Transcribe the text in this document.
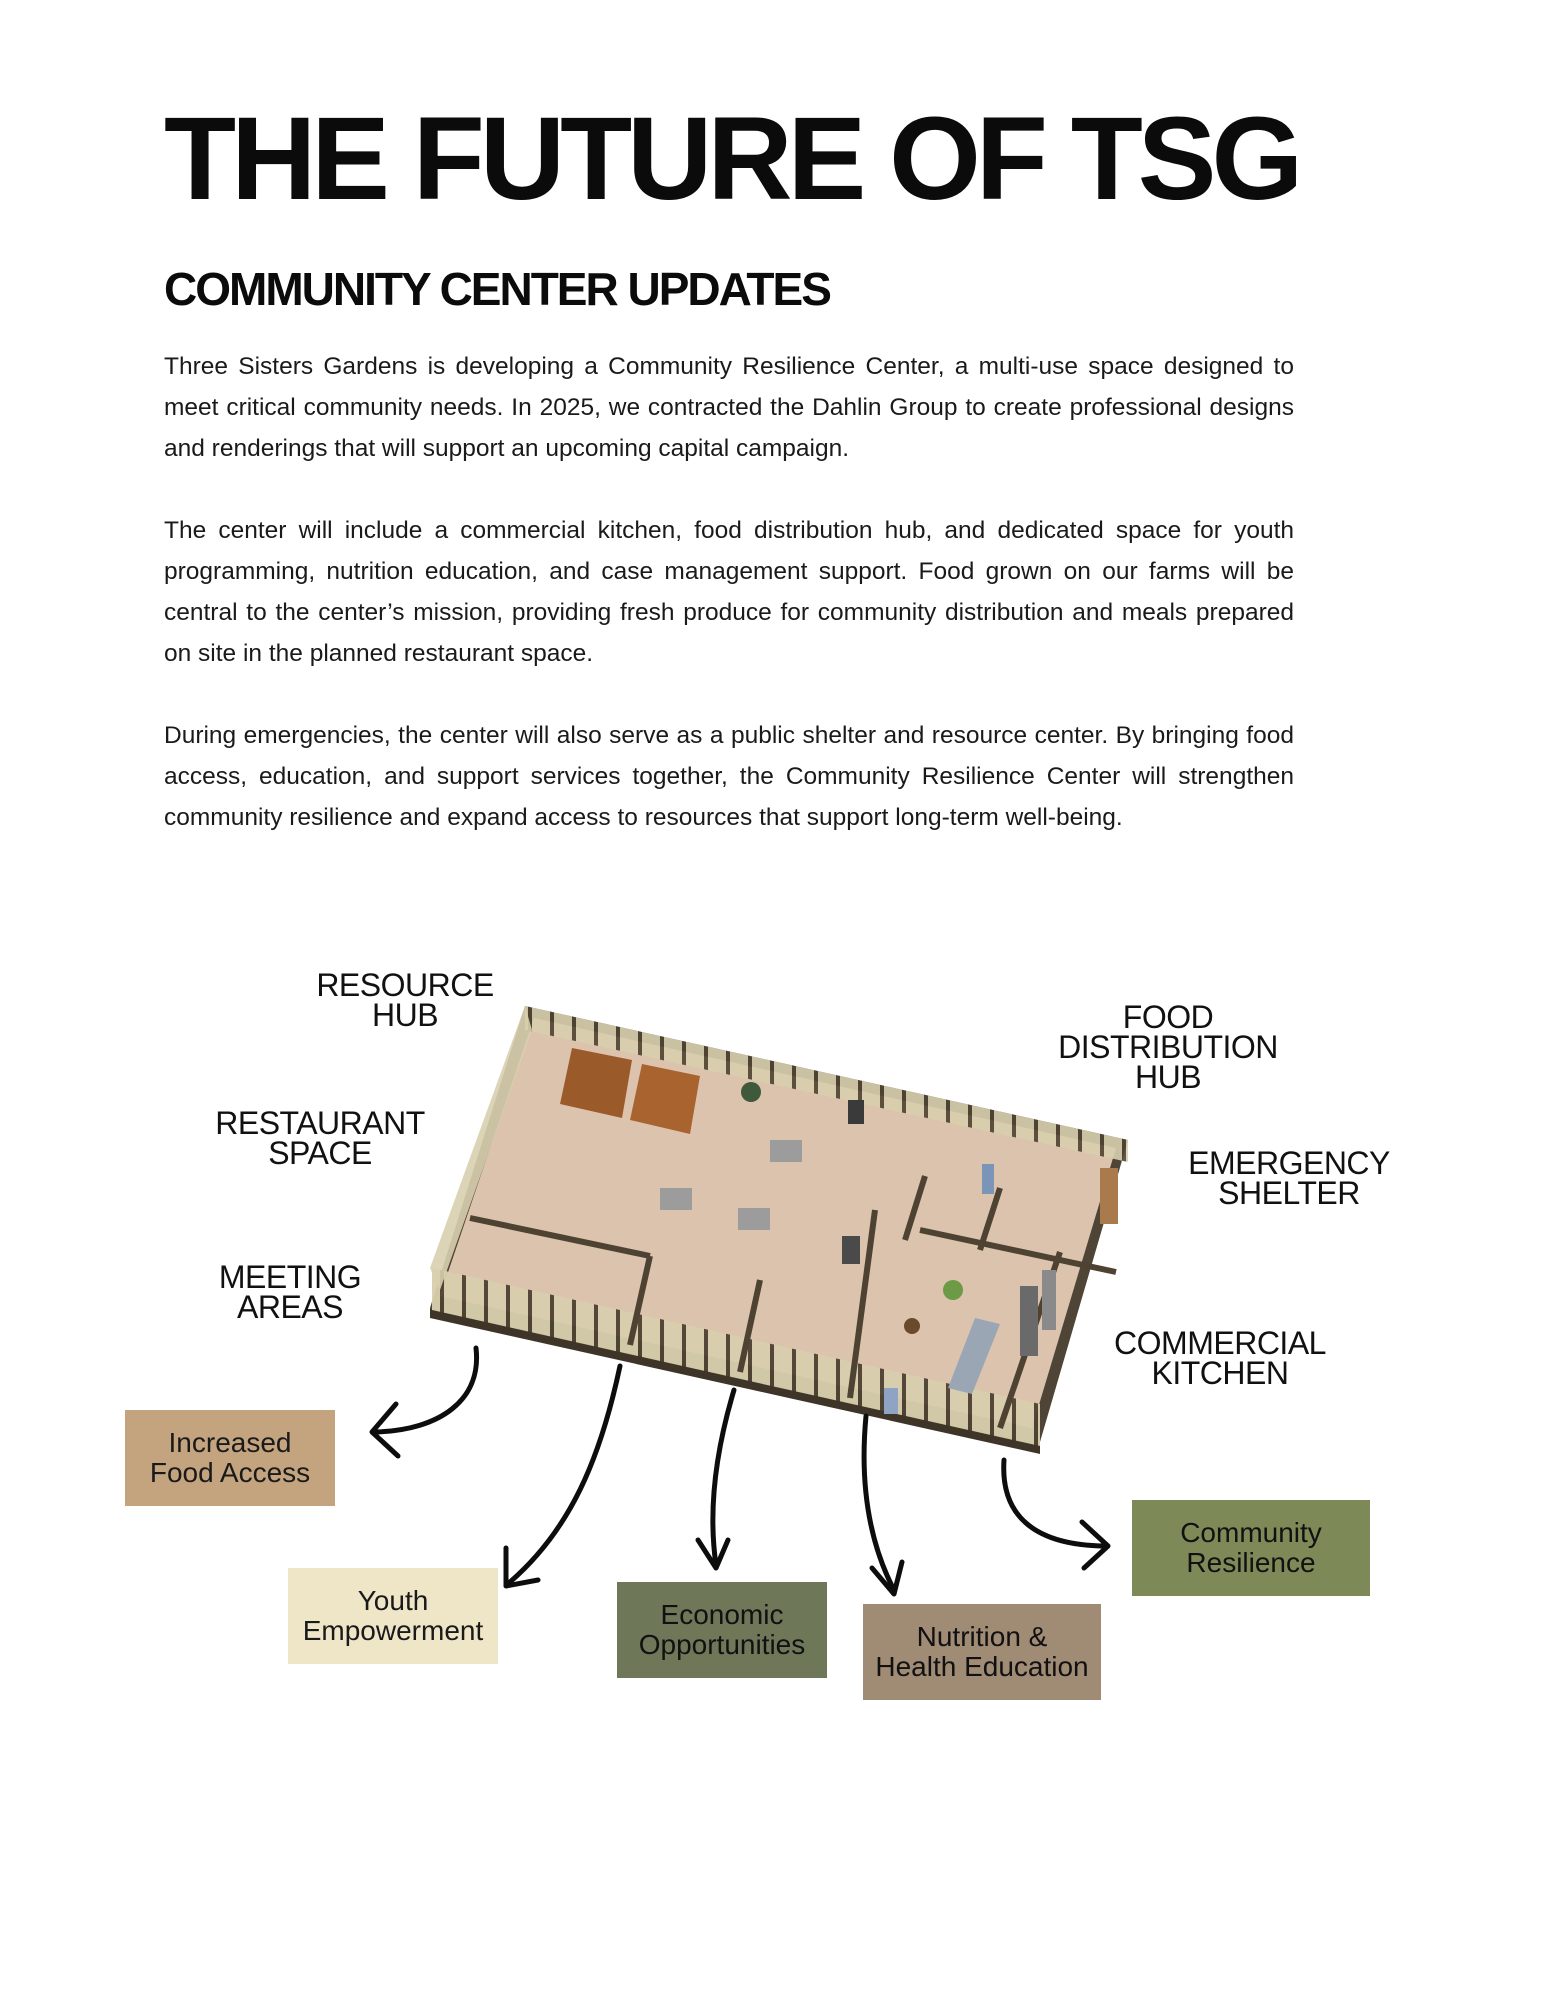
THE FUTURE OF TSG
COMMUNITY CENTER UPDATES

Three Sisters Gardens is developing a Community Resilience Center, a multi-use space designed to meet critical community needs. In 2025, we contracted the Dahlin Group to create professional designs and renderings that will support an upcoming capital campaign.

The center will include a commercial kitchen, food distribution hub, and dedicated space for youth programming, nutrition education, and case management support. Food grown on our farms will be central to the center’s mission, providing fresh produce for community distribution and meals prepared on site in the planned restaurant space.

During emergencies, the center will also serve as a public shelter and resource center. By bringing food access, education, and support services together, the Community Resilience Center will strengthen community resilience and expand access to resources that support long-term well-being.

RESOURCE
HUB
RESTAURANT
SPACE
MEETING
AREAS
FOOD
DISTRIBUTION
HUB
EMERGENCY
SHELTER
COMMERCIAL
KITCHEN
Increased
Food Access
Youth
Empowerment
Economic
Opportunities	Nutrition &
Health Education
Community
Resilience
